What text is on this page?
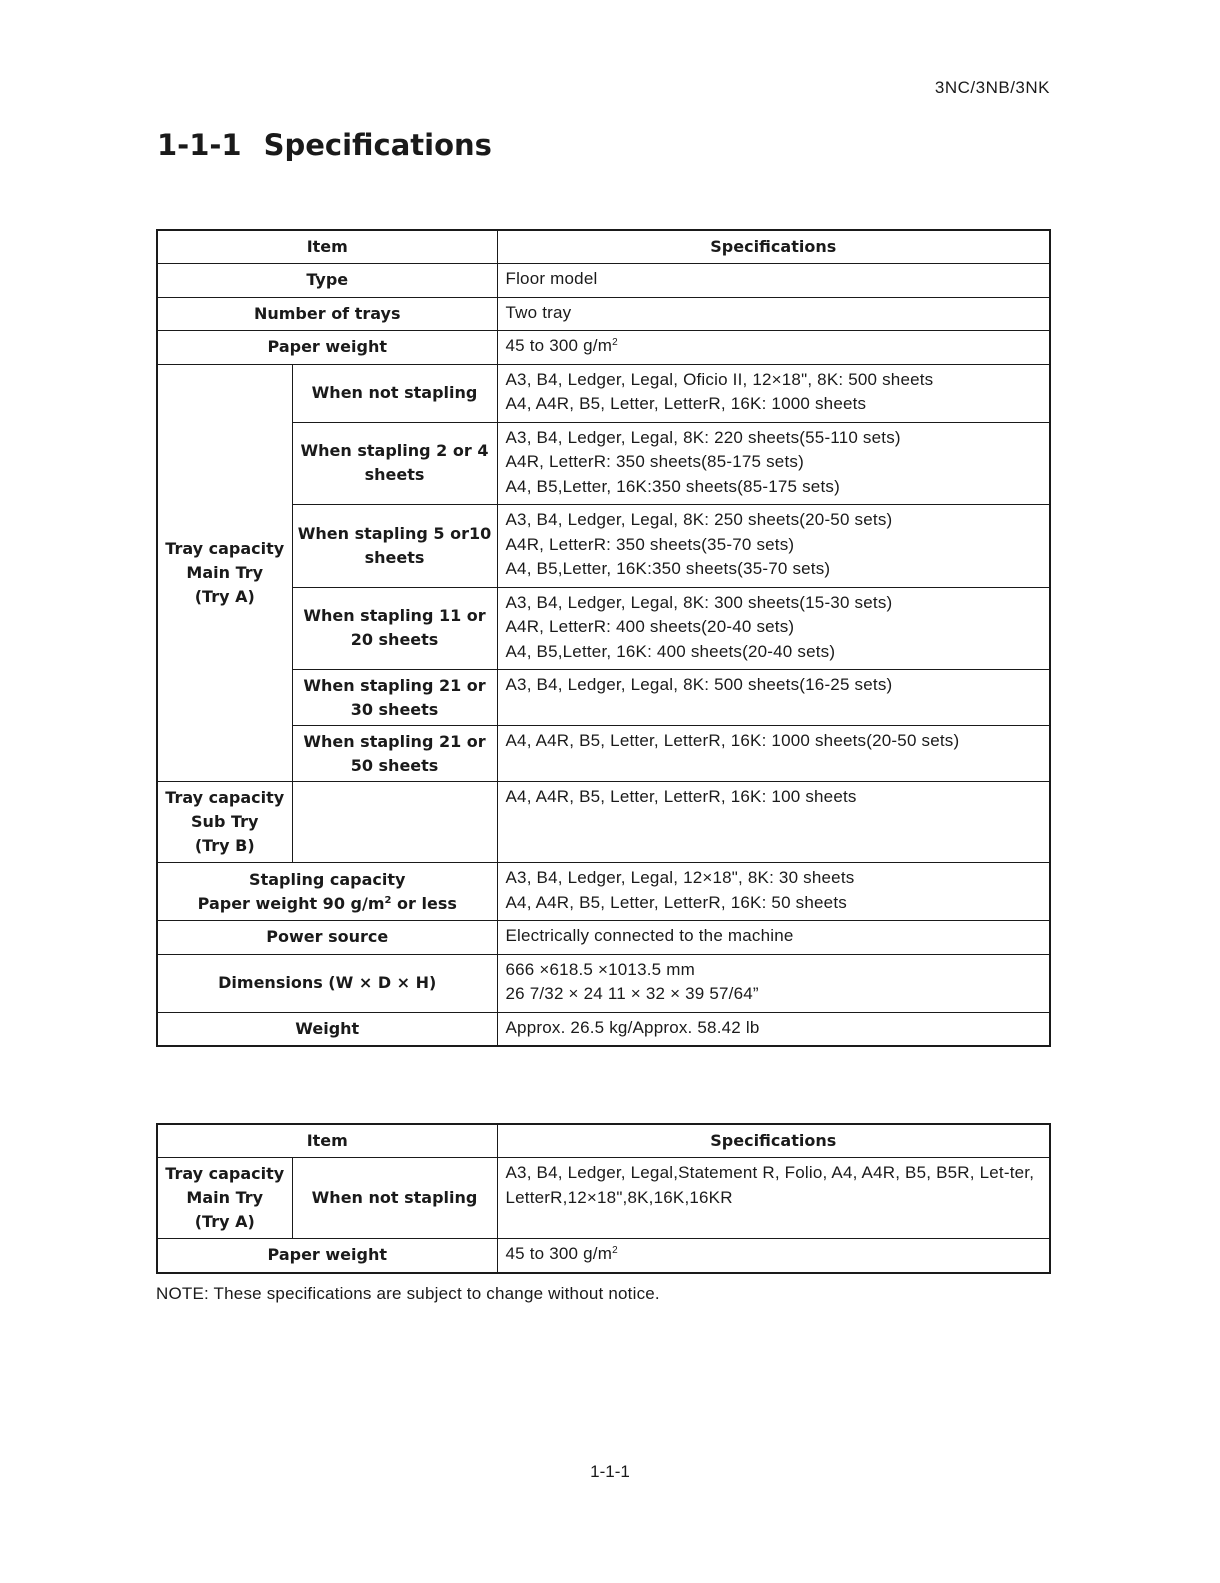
3NC/3NB/3NK
1-1-1 Specifications
Item		Specifications
Type		Floor model

Number of trays		Two tray

Paper weight		45 to 300 $g/m^2$

Tray capacity
Main Try
(Try A)	When not stapling	A3, B4, Ledger, Legal, Oficio II, 12×18", 8K: 500 sheets
A4, A4R, B5, Letter, LetterR, 16K: 1000 sheets

	When stapling 2 or 4 sheets	A3, B4, Ledger, Legal, 8K: 220 sheets(55-110 sets)
A4R, LetterR: 350 sheets(85-175 sets)
A4, B5,Letter, 16K:350 sheets(85-175 sets)

	When stapling 5 or10 sheets	A3, B4, Ledger, Legal, 8K: 250 sheets(20-50 sets)
A4R, LetterR: 350 sheets(35-70 sets)
A4, B5,Letter, 16K:350 sheets(35-70 sets)

	When stapling 11 or 20 sheets	A3, B4, Ledger, Legal, 8K: 300 sheets(15-30 sets)
A4R, LetterR: 400 sheets(20-40 sets)
A4, B5,Letter, 16K: 400 sheets(20-40 sets)

	When stapling 21 or 30 sheets	A3, B4, Ledger, Legal, 8K: 500 sheets(16-25 sets)

	When stapling 21 or 50 sheets	A4, A4R, B5, Letter, LetterR, 16K: 1000 sheets(20-50 sets)

Tray capacity
Sub Try
(Try B)		A4, A4R, B5, Letter, LetterR, 16K: 100 sheets

Stapling capacity
Paper weight 90 $g/m^2$ or less		A3, B4, Ledger, Legal, 12×18", 8K: 30 sheets
A4, A4R, B5, Letter, LetterR, 16K: 50 sheets

Power source		Electrically connected to the machine

Dimensions (W × D × H)		666 ×618.5 ×1013.5 mm
26 7/32 × 24 11 × 32 × 39 57/64”

Weight		Approx. 26.5 kg/Approx. 58.42 lb
Item		Specifications
Tray capacity
Main Try
(Try A)	When not stapling	A3, B4, Ledger, Legal,Statement R, Folio, A4, A4R, B5, B5R, Let-ter, LetterR,12×18",8K,16K,16KR
Paper weight		45 to 300 $g/m^2$
NOTE: These specifications are subject to change without notice.
1-1-1
